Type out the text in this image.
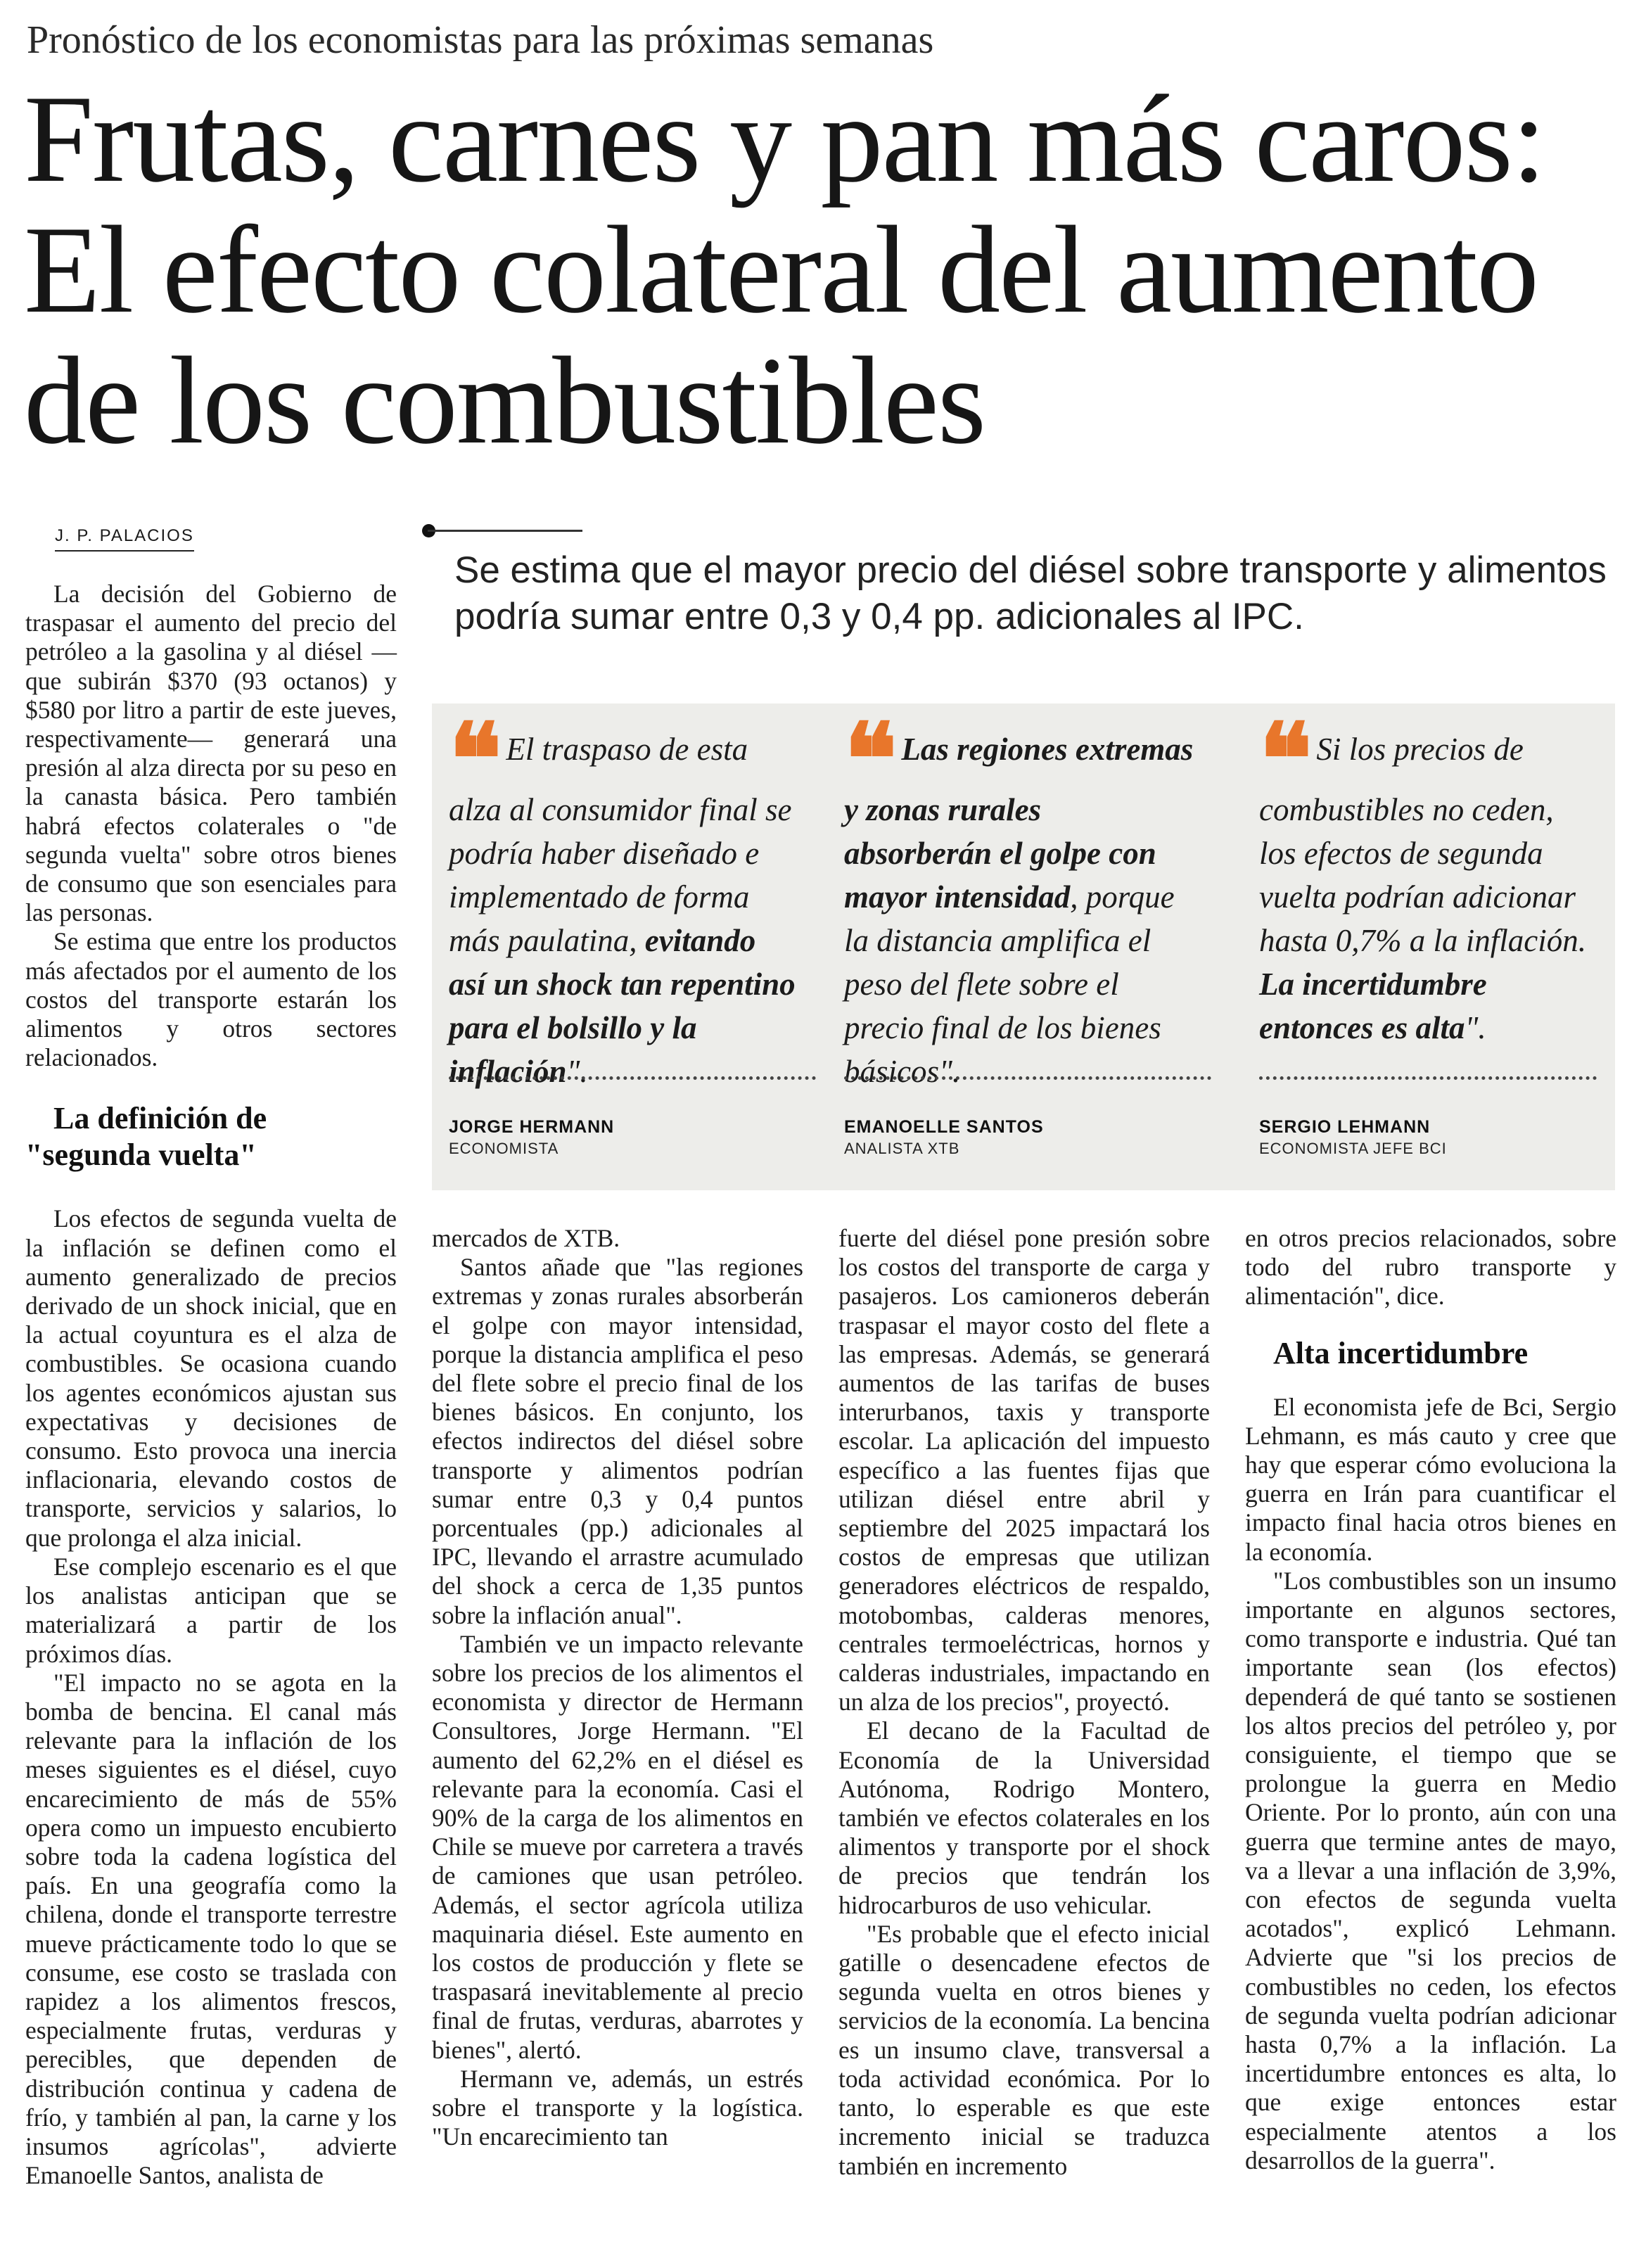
Pronóstico de los economistas para las próximas semanas
Frutas, carnes y pan más caros: El efecto colateral del aumento de los combustibles
J. P. PALACIOS
Se estima que el mayor precio del diésel sobre transporte y alimentos podría sumar entre 0,3 y 0,4 pp. adicionales al IPC.
❝ El traspaso de esta alza al consumidor final se podría haber diseñado e implementado de forma más paulatina, evitando así un shock tan repentino para el bolsillo y la inflación".
JORGE HERMANN
ECONOMISTA
❝ Las regiones extremas y zonas rurales absorberán el golpe con mayor intensidad, porque la distancia amplifica el peso del flete sobre el precio final de los bienes básicos".
EMANOELLE SANTOS
ANALISTA XTB
❝ Si los precios de combustibles no ceden, los efectos de segunda vuelta podrían adicionar hasta 0,7% a la inflación. La incertidumbre entonces es alta".
SERGIO LEHMANN
ECONOMISTA JEFE BCI

La decisión del Gobierno de traspasar el aumento del precio del petróleo a la gasolina y al diésel —que subirán $370 (93 octanos) y $580 por litro a partir de este jueves, respectivamente— generará una presión al alza directa por su peso en la canasta básica. Pero también habrá efectos colaterales o "de segunda vuelta" sobre otros bienes de consumo que son esenciales para las personas.

Se estima que entre los productos más afectados por el aumento de los costos del transporte estarán los alimentos y otros sectores relacionados.

La definición de "segunda vuelta"

Los efectos de segunda vuelta de la inflación se definen como el aumento generalizado de precios derivado de un shock inicial, que en la actual coyuntura es el alza de combustibles. Se ocasiona cuando los agentes económicos ajustan sus expectativas y decisiones de consumo. Esto provoca una inercia inflacionaria, elevando costos de transporte, servicios y salarios, lo que prolonga el alza inicial.

Ese complejo escenario es el que los analistas anticipan que se materializará a partir de los próximos días.

"El impacto no se agota en la bomba de bencina. El canal más relevante para la inflación de los meses siguientes es el diésel, cuyo encarecimiento de más de 55% opera como un impuesto encubierto sobre toda la cadena logística del país. En una geografía como la chilena, donde el transporte terrestre mueve prácticamente todo lo que se consume, ese costo se traslada con rapidez a los alimentos frescos, especialmente frutas, verduras y perecibles, que dependen de distribución continua y cadena de frío, y también al pan, la carne y los insumos agrícolas", advierte Emanoelle Santos, analista de

mercados de XTB.

Santos añade que "las regiones extremas y zonas rurales absorberán el golpe con mayor intensidad, porque la distancia amplifica el peso del flete sobre el precio final de los bienes básicos. En conjunto, los efectos indirectos del diésel sobre transporte y alimentos podrían sumar entre 0,3 y 0,4 puntos porcentuales (pp.) adicionales al IPC, llevando el arrastre acumulado del shock a cerca de 1,35 puntos sobre la inflación anual".

También ve un impacto relevante sobre los precios de los alimentos el economista y director de Hermann Consultores, Jorge Hermann. "El aumento del 62,2% en el diésel es relevante para la economía. Casi el 90% de la carga de los alimentos en Chile se mueve por carretera a través de camiones que usan petróleo. Además, el sector agrícola utiliza maquinaria diésel. Este aumento en los costos de producción y flete se traspasará inevitablemente al precio final de frutas, verduras, abarrotes y bienes", alertó.

Hermann ve, además, un estrés sobre el transporte y la logística. "Un encarecimiento tan

fuerte del diésel pone presión sobre los costos del transporte de carga y pasajeros. Los camioneros deberán traspasar el mayor costo del flete a las empresas. Además, se generará aumentos de las tarifas de buses interurbanos, taxis y transporte escolar. La aplicación del impuesto específico a las fuentes fijas que utilizan diésel entre abril y septiembre del 2025 impactará los costos de empresas que utilizan generadores eléctricos de respaldo, motobombas, calderas menores, centrales termoeléctricas, hornos y calderas industriales, impactando en un alza de los precios", proyectó.

El decano de la Facultad de Economía de la Universidad Autónoma, Rodrigo Montero, también ve efectos colaterales en los alimentos y transporte por el shock de precios que tendrán los hidrocarburos de uso vehicular.

"Es probable que el efecto inicial gatille o desencadene efectos de segunda vuelta en otros bienes y servicios de la economía. La bencina es un insumo clave, transversal a toda actividad económica. Por lo tanto, lo esperable es que este incremento inicial se traduzca también en incremento

en otros precios relacionados, sobre todo del rubro transporte y alimentación", dice.

Alta incertidumbre

El economista jefe de Bci, Sergio Lehmann, es más cauto y cree que hay que esperar cómo evoluciona la guerra en Irán para cuantificar el impacto final hacia otros bienes en la economía.

"Los combustibles son un insumo importante en algunos sectores, como transporte e industria. Qué tan importante sean (los efectos) dependerá de qué tanto se sostienen los altos precios del petróleo y, por consiguiente, el tiempo que se prolongue la guerra en Medio Oriente. Por lo pronto, aún con una guerra que termine antes de mayo, va a llevar a una inflación de 3,9%, con efectos de segunda vuelta acotados", explicó Lehmann. Advierte que "si los precios de combustibles no ceden, los efectos de segunda vuelta podrían adicionar hasta 0,7% a la inflación. La incertidumbre entonces es alta, lo que exige entonces estar especialmente atentos a los desarrollos de la guerra".
